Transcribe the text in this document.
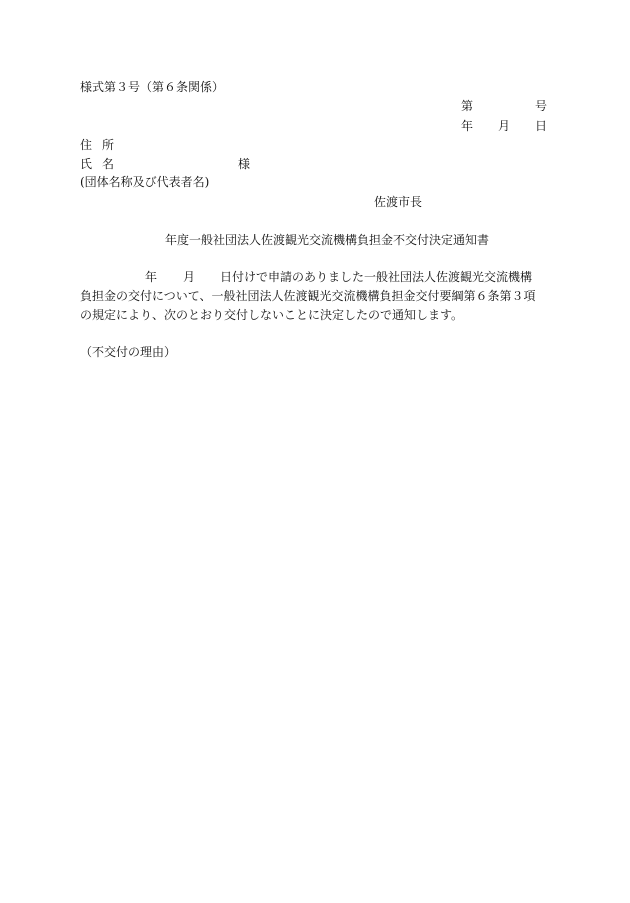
様式第３号（第６条関係）
第	号
年 月 日
住 所
氏 名	様
(団体名称及び代表者名)
佐渡市長
年度一般社団法人佐渡観光交流機構負担金不交付決定通知書
年 月 日付けで申請のありました一般社団法人佐渡観光交流機構
負担金の交付について、一般社団法人佐渡観光交流機構負担金交付要綱第６条第３項
の規定により、次のとおり交付しないことに決定したので通知します。
（不交付の理由）
